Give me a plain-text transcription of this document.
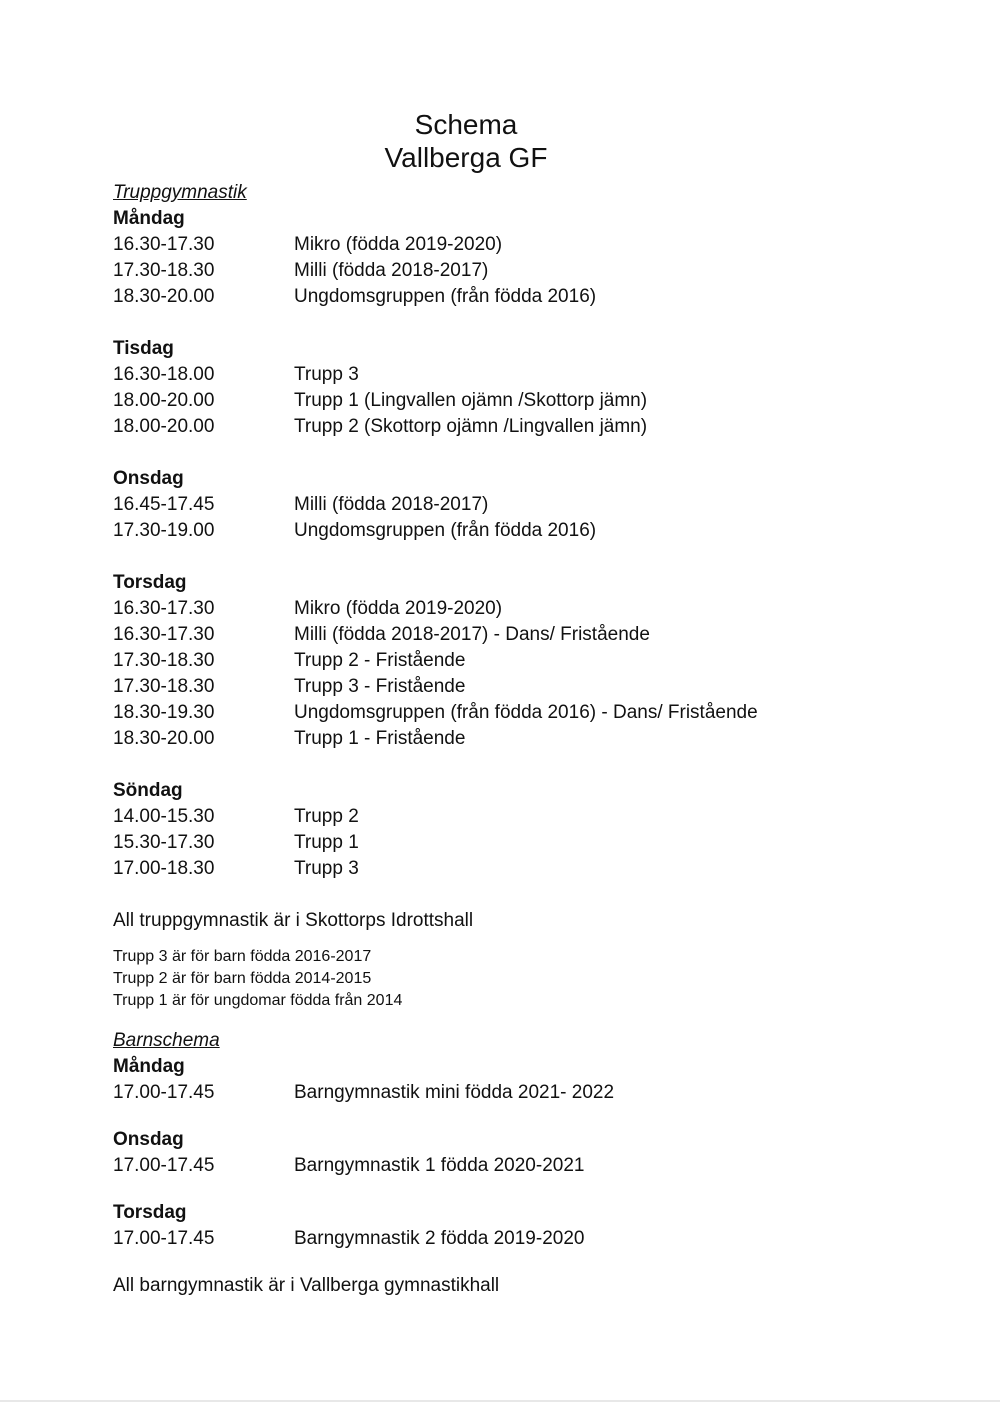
Schema
Vallberga GF
Truppgymnastik
Måndag
16.30-17.30	Mikro (födda 2019-2020)
17.30-18.30	Milli (födda 2018-2017)
18.30-20.00	Ungdomsgruppen (från födda 2016)
Tisdag
16.30-18.00	Trupp 3
18.00-20.00	Trupp 1 (Lingvallen ojämn /Skottorp jämn)
18.00-20.00	Trupp 2 (Skottorp ojämn /Lingvallen jämn)
Onsdag
16.45-17.45	Milli (födda 2018-2017)
17.30-19.00	Ungdomsgruppen (från födda 2016)
Torsdag
16.30-17.30	Mikro (födda 2019-2020)
16.30-17.30	Milli (födda 2018-2017) - Dans/ Fristående
17.30-18.30	Trupp 2 - Fristående
17.30-18.30	Trupp 3 - Fristående
18.30-19.30	Ungdomsgruppen (från födda 2016) - Dans/ Fristående
18.30-20.00	Trupp 1 - Fristående
Söndag
14.00-15.30	Trupp 2
15.30-17.30	Trupp 1
17.00-18.30	Trupp 3

All truppgymnastik är i Skottorps Idrottshall

Trupp 3 är för barn födda 2016-2017

Trupp 2 är för barn födda 2014-2015

Trupp 1 är för ungdomar födda från 2014

Barnschema
Måndag
17.00-17.45	Barngymnastik mini födda 2021- 2022
Onsdag
17.00-17.45	Barngymnastik 1 födda 2020-2021
Torsdag
17.00-17.45	Barngymnastik 2 födda 2019-2020

All barngymnastik är i Vallberga gymnastikhall
